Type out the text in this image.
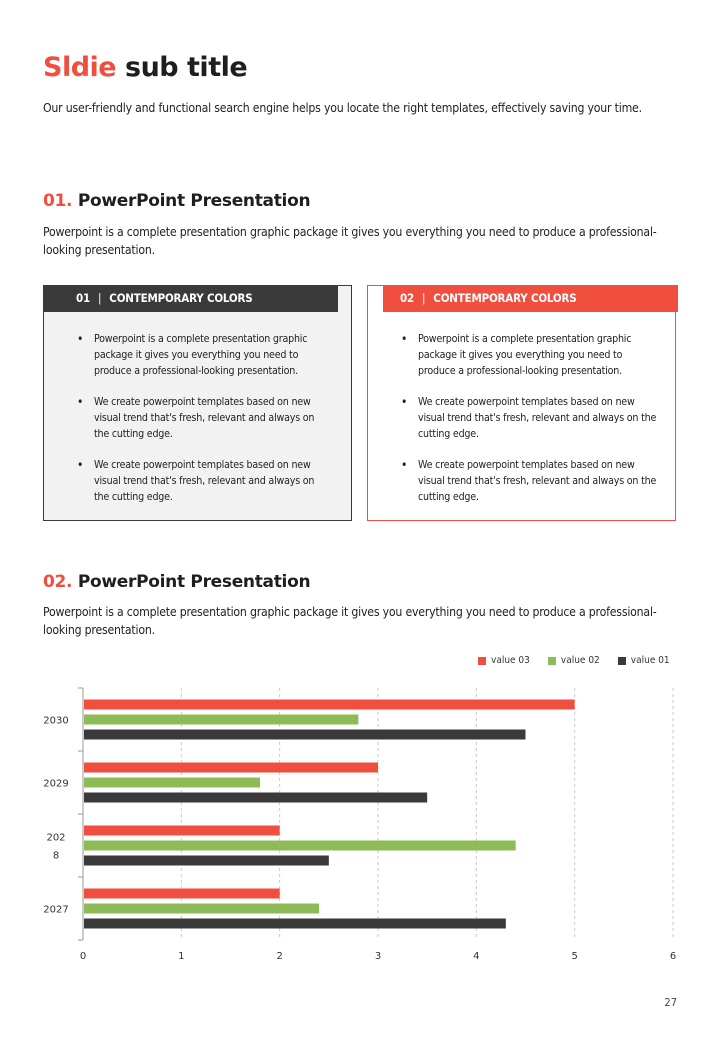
Sldie sub title

Our user-friendly and functional search engine helps you locate the right templates, effectively saving your time.

01. PowerPoint Presentation

Powerpoint is a complete presentation graphic package it gives you everything you need to produce a professional-looking presentation.

01 | CONTEMPORARY COLORS
• Powerpoint is a complete presentation graphic package it gives you everything you need to produce a professional-looking presentation.
• We create powerpoint templates based on new visual trend that's fresh, relevant and always on the cutting edge.
• We create powerpoint templates based on new visual trend that's fresh, relevant and always on the cutting edge.
02 | CONTEMPORARY COLORS
• Powerpoint is a complete presentation graphic package it gives you everything you need to produce a professional-looking presentation.
• We create powerpoint templates based on new visual trend that's fresh, relevant and always on the cutting edge.
• We create powerpoint templates based on new visual trend that's fresh, relevant and always on the cutting edge.
02. PowerPoint Presentation

Powerpoint is a complete presentation graphic package it gives you everything you need to produce a professional-looking presentation.

value 03	value 02	value 01
0	1	2	3	4	5	6
2030
2029
202
8
2027

27
